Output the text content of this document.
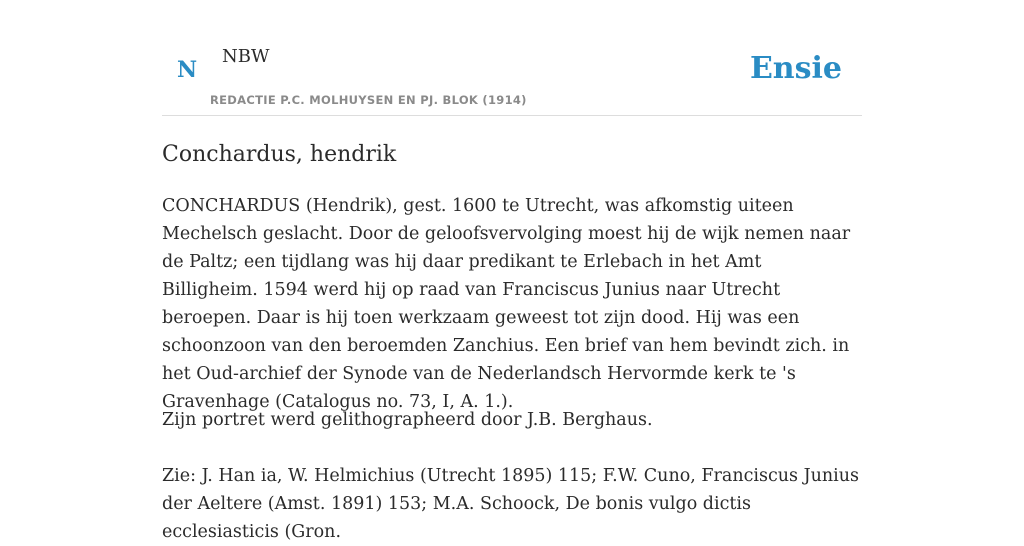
N
NBW
REDACTIE P.C. MOLHUYSEN EN PJ. BLOK (1914)
Ensie
Conchardus, hendrik

CONCHARDUS (Hendrik), gest. 1600 te Utrecht, was afkomstig uiteen Mechelsch geslacht. Door de geloofsvervolging moest hij de wijk nemen naar de Paltz; een tijdlang was hij daar predikant te Erlebach in het Amt Billigheim. 1594 werd hij op raad van Franciscus Junius naar Utrecht beroepen. Daar is hij toen werkzaam geweest tot zijn dood. Hij was een schoonzoon van den beroemden Zanchius. Een brief van hem bevindt zich. in het Oud-archief der Synode van de Nederlandsch Hervormde kerk te 's Gravenhage (Catalogus no. 73, I, A. 1.).

Zijn portret werd gelithographeerd door J.B. Berghaus.

Zie: J. Han ia, W. Helmichius (Utrecht 1895) 115; F.W. Cuno, Franciscus Junius der Aeltere (Amst. 1891) 153; M.A. Schoock, De bonis vulgo dictis ecclesiasticis (Gron.
